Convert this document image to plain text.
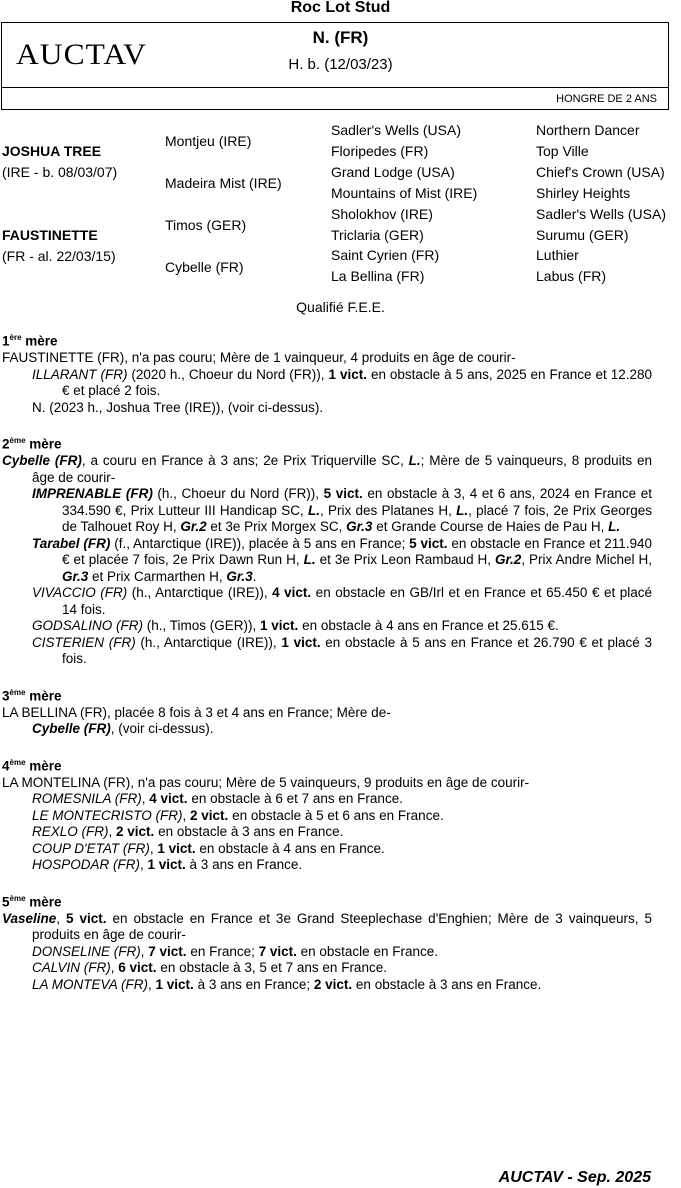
Roc Lot Stud
AUCTAV
N. (FR)
H. b. (12/03/23)
HONGRE DE 2 ANS
JOSHUA TREE
(IRE - b. 08/03/07)
FAUSTINETTE
(FR - al. 22/03/15)
Montjeu (IRE)
Madeira Mist (IRE)
Timos (GER)
Cybelle (FR)
Sadler's Wells (USA)
Floripedes (FR)
Grand Lodge (USA)
Mountains of Mist (IRE)
Sholokhov (IRE)
Triclaria (GER)
Saint Cyrien (FR)
La Bellina (FR)
Northern Dancer
Top Ville
Chief's Crown (USA)
Shirley Heights
Sadler's Wells (USA)
Surumu (GER)
Luthier
Labus (FR)
Qualifié F.E.E.
1ère mère
FAUSTINETTE (FR), n'a pas couru; Mère de 1 vainqueur, 4 produits en âge de courir-
ILLARANT (FR) (2020 h., Choeur du Nord (FR)), 1 vict. en obstacle à 5 ans, 2025 en France et 12.280 € et placé 2 fois.
N. (2023 h., Joshua Tree (IRE)), (voir ci-dessus).
2ème mère
Cybelle (FR), a couru en France à 3 ans; 2e Prix Triquerville SC, L.; Mère de 5 vainqueurs, 8 produits en âge de courir-
IMPRENABLE (FR) (h., Choeur du Nord (FR)), 5 vict. en obstacle à 3, 4 et 6 ans, 2024 en France et 334.590 €, Prix Lutteur III Handicap SC, L., Prix des Platanes H, L., placé 7 fois, 2e Prix Georges de Talhouet Roy H, Gr.2 et 3e Prix Morgex SC, Gr.3 et Grande Course de Haies de Pau H, L.
Tarabel (FR) (f., Antarctique (IRE)), placée à 5 ans en France; 5 vict. en obstacle en France et 211.940 € et placée 7 fois, 2e Prix Dawn Run H, L. et 3e Prix Leon Rambaud H, Gr.2, Prix Andre Michel H, Gr.3 et Prix Carmarthen H, Gr.3.
VIVACCIO (FR) (h., Antarctique (IRE)), 4 vict. en obstacle en GB/Irl et en France et 65.450 € et placé 14 fois.
GODSALINO (FR) (h., Timos (GER)), 1 vict. en obstacle à 4 ans en France et 25.615 €.
CISTERIEN (FR) (h., Antarctique (IRE)), 1 vict. en obstacle à 5 ans en France et 26.790 € et placé 3 fois.
3ème mère
LA BELLINA (FR), placée 8 fois à 3 et 4 ans en France; Mère de-
Cybelle (FR), (voir ci-dessus).
4ème mère
LA MONTELINA (FR), n'a pas couru; Mère de 5 vainqueurs, 9 produits en âge de courir-
ROMESNILA (FR), 4 vict. en obstacle à 6 et 7 ans en France.
LE MONTECRISTO (FR), 2 vict. en obstacle à 5 et 6 ans en France.
REXLO (FR), 2 vict. en obstacle à 3 ans en France.
COUP D'ETAT (FR), 1 vict. en obstacle à 4 ans en France.
HOSPODAR (FR), 1 vict. à 3 ans en France.
5ème mère
Vaseline, 5 vict. en obstacle en France et 3e Grand Steeplechase d'Enghien; Mère de 3 vainqueurs, 5 produits en âge de courir-
DONSELINE (FR), 7 vict. en France; 7 vict. en obstacle en France.
CALVIN (FR), 6 vict. en obstacle à 3, 5 et 7 ans en France.
LA MONTEVA (FR), 1 vict. à 3 ans en France; 2 vict. en obstacle à 3 ans en France.
AUCTAV - Sep. 2025
